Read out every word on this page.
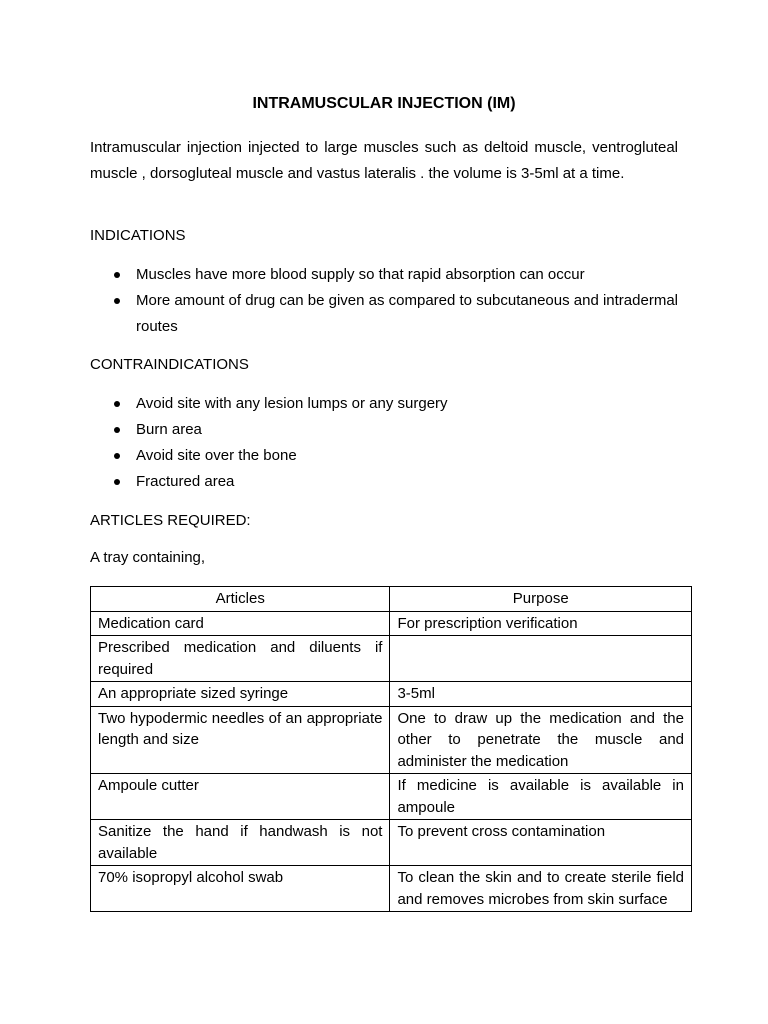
INTRAMUSCULAR INJECTION (IM)

Intramuscular injection injected to large muscles such as deltoid muscle, ventrogluteal muscle , dorsogluteal muscle and vastus lateralis . the volume is 3-5ml at a time.

INDICATIONS

Muscles have more blood supply so that rapid absorption can occur
More amount of drug can be given as compared to subcutaneous and intradermal routes

CONTRAINDICATIONS

Avoid site with any lesion lumps or any surgery
Burn area
Avoid site over the bone
Fractured area

ARTICLES REQUIRED:

A tray containing,

Articles	Purpose
Medication card	For prescription verification
Prescribed medication and diluents if required	
An appropriate sized syringe	3-5ml
Two hypodermic needles of an appropriate length and size	One to draw up the medication and the other to penetrate the muscle and administer the medication
Ampoule cutter	If medicine is available is available in ampoule
Sanitize the hand if handwash is not available	To prevent cross contamination
70% isopropyl alcohol swab	To clean the skin and to create sterile field and removes microbes from skin surface
